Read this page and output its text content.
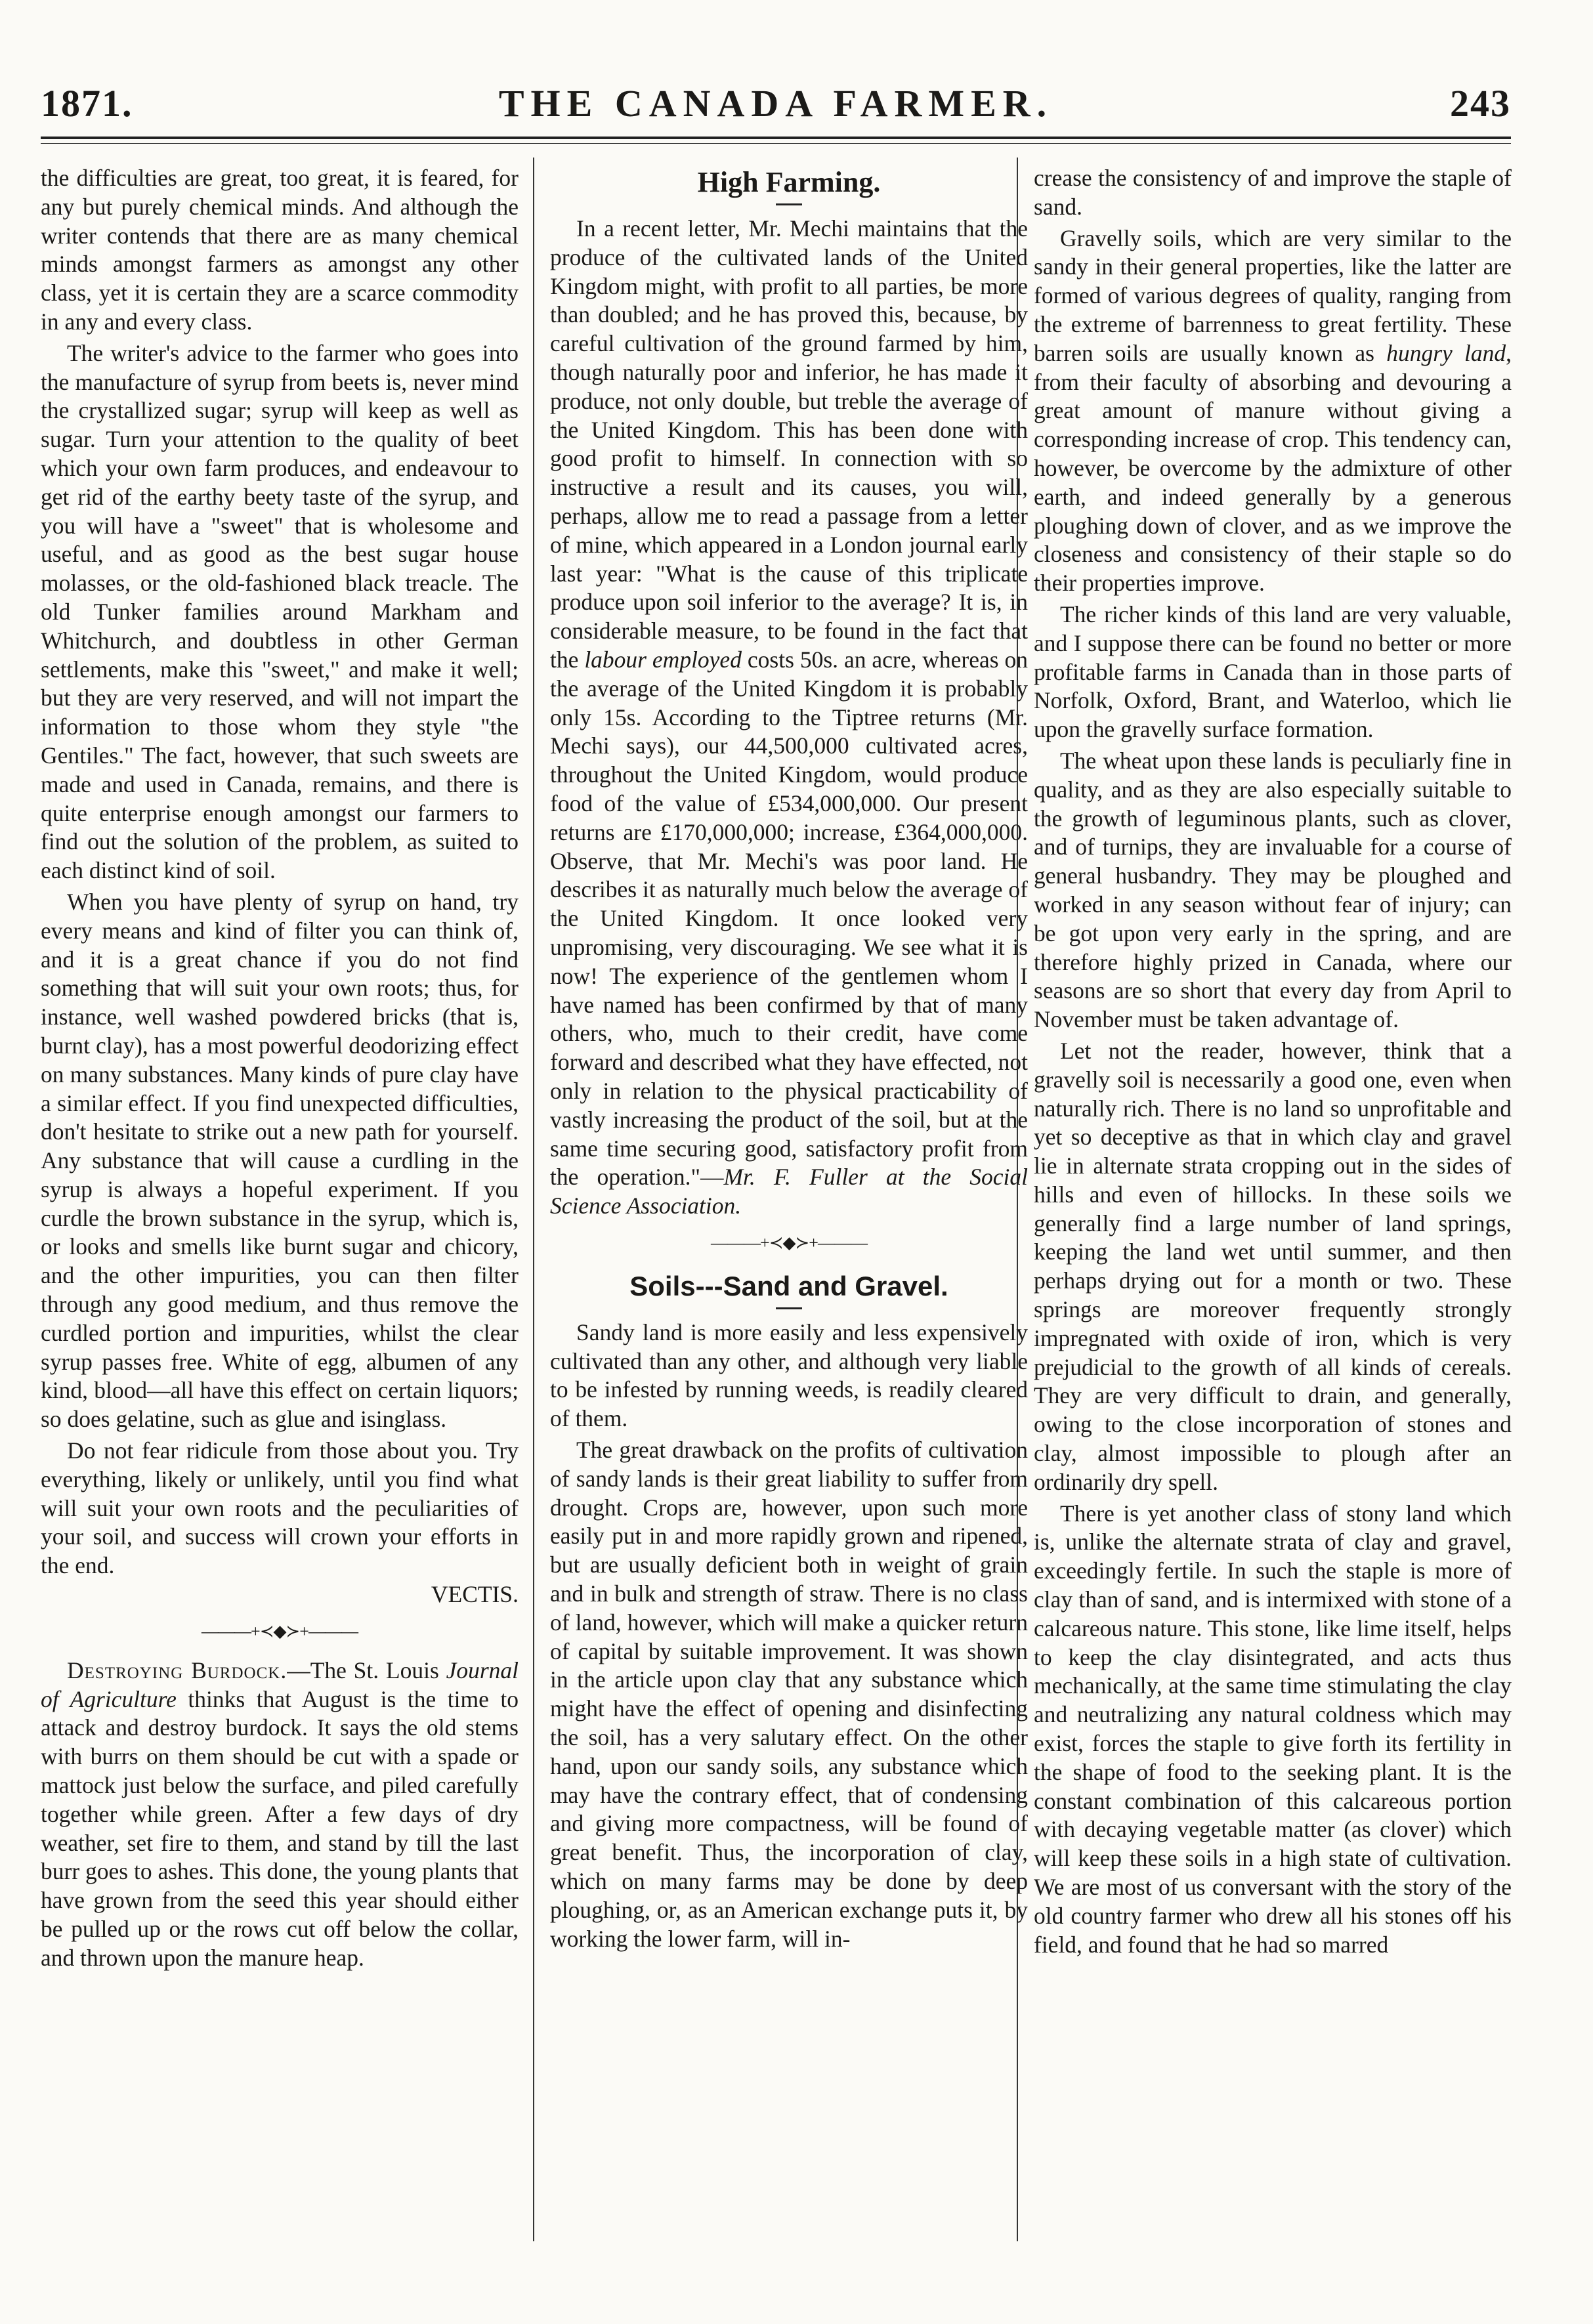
1871.	THE CANADA FARMER.	243

the difficulties are great, too great, it is feared, for any but purely chemical minds. And although the writer contends that there are as many chemical minds amongst farmers as amongst any other class, yet it is certain they are a scarce commodity in any and every class.

The writer's advice to the farmer who goes into the manufacture of syrup from beets is, never mind the crystallized sugar; syrup will keep as well as sugar. Turn your attention to the quality of beet which your own farm produces, and endeavour to get rid of the earthy beety taste of the syrup, and you will have a "sweet" that is wholesome and useful, and as good as the best sugar house molasses, or the old-fashioned black treacle. The old Tunker families around Markham and Whitchurch, and doubtless in other German settlements, make this "sweet," and make it well; but they are very reserved, and will not impart the information to those whom they style "the Gentiles." The fact, however, that such sweets are made and used in Canada, remains, and there is quite enterprise enough amongst our farmers to find out the solution of the problem, as suited to each distinct kind of soil.

When you have plenty of syrup on hand, try every means and kind of filter you can think of, and it is a great chance if you do not find something that will suit your own roots; thus, for instance, well washed powdered bricks (that is, burnt clay), has a most powerful deodorizing effect on many substances. Many kinds of pure clay have a similar effect. If you find unexpected difficulties, don't hesitate to strike out a new path for yourself. Any substance that will cause a curdling in the syrup is always a hopeful experiment. If you curdle the brown substance in the syrup, which is, or looks and smells like burnt sugar and chicory, and the other impurities, you can then filter through any good medium, and thus remove the curdled portion and impurities, whilst the clear syrup passes free. White of egg, albumen of any kind, blood—all have this effect on certain liquors; so does gelatine, such as glue and isinglass.

Do not fear ridicule from those about you. Try everything, likely or unlikely, until you find what will suit your own roots and the peculiarities of your soil, and success will crown your efforts in the end.

VECTIS.
———+≺◆≻+———

Destroying Burdock.—The St. Louis Journal of Agriculture thinks that August is the time to attack and destroy burdock. It says the old stems with burrs on them should be cut with a spade or mattock just below the surface, and piled carefully together while green. After a few days of dry weather, set fire to them, and stand by till the last burr goes to ashes. This done, the young plants that have grown from the seed this year should either be pulled up or the rows cut off below the collar, and thrown upon the manure heap.

High Farming.

In a recent letter, Mr. Mechi maintains that the produce of the cultivated lands of the United Kingdom might, with profit to all parties, be more than doubled; and he has proved this, because, by careful cultivation of the ground farmed by him, though naturally poor and inferior, he has made it produce, not only double, but treble the average of the United Kingdom. This has been done with good profit to himself. In connection with so instructive a result and its causes, you will, perhaps, allow me to read a passage from a letter of mine, which appeared in a London journal early last year: "What is the cause of this triplicate produce upon soil inferior to the average? It is, in considerable measure, to be found in the fact that the labour employed costs 50s. an acre, whereas on the average of the United Kingdom it is probably only 15s. According to the Tiptree returns (Mr. Mechi says), our 44,500,000 cultivated acres, throughout the United Kingdom, would produce food of the value of £534,000,000. Our present returns are £170,000,000; increase, £364,000,000. Observe, that Mr. Mechi's was poor land. He describes it as naturally much below the average of the United Kingdom. It once looked very unpromising, very discouraging. We see what it is now! The experience of the gentlemen whom I have named has been confirmed by that of many others, who, much to their credit, have come forward and described what they have effected, not only in relation to the physical practicability of vastly increasing the product of the soil, but at the same time securing good, satisfactory profit from the operation."—Mr. F. Fuller at the Social Science Association.

———+≺◆≻+———
Soils---Sand and Gravel.

Sandy land is more easily and less expensively cultivated than any other, and although very liable to be infested by running weeds, is readily cleared of them.

The great drawback on the profits of cultivation of sandy lands is their great liability to suffer from drought. Crops are, however, upon such more easily put in and more rapidly grown and ripened, but are usually deficient both in weight of grain and in bulk and strength of straw. There is no class of land, however, which will make a quicker return of capital by suitable improvement. It was shown in the article upon clay that any substance which might have the effect of opening and disinfecting the soil, has a very salutary effect. On the other hand, upon our sandy soils, any substance which may have the contrary effect, that of condensing and giving more compactness, will be found of great benefit. Thus, the incorporation of clay, which on many farms may be done by deep ploughing, or, as an American exchange puts it, by working the lower farm, will in-

crease the consistency of and improve the staple of sand.

Gravelly soils, which are very similar to the sandy in their general properties, like the latter are formed of various degrees of quality, ranging from the extreme of barrenness to great fertility. These barren soils are usually known as hungry land, from their faculty of absorbing and devouring a great amount of manure without giving a corresponding increase of crop. This tendency can, however, be overcome by the admixture of other earth, and indeed generally by a generous ploughing down of clover, and as we improve the closeness and consistency of their staple so do their properties improve.

The richer kinds of this land are very valuable, and I suppose there can be found no better or more profitable farms in Canada than in those parts of Norfolk, Oxford, Brant, and Waterloo, which lie upon the gravelly surface formation.

The wheat upon these lands is peculiarly fine in quality, and as they are also especially suitable to the growth of leguminous plants, such as clover, and of turnips, they are invaluable for a course of general husbandry. They may be ploughed and worked in any season without fear of injury; can be got upon very early in the spring, and are therefore highly prized in Canada, where our seasons are so short that every day from April to November must be taken advantage of.

Let not the reader, however, think that a gravelly soil is necessarily a good one, even when naturally rich. There is no land so unprofitable and yet so deceptive as that in which clay and gravel lie in alternate strata cropping out in the sides of hills and even of hillocks. In these soils we generally find a large number of land springs, keeping the land wet until summer, and then perhaps drying out for a month or two. These springs are moreover frequently strongly impregnated with oxide of iron, which is very prejudicial to the growth of all kinds of cereals. They are very difficult to drain, and generally, owing to the close incorporation of stones and clay, almost impossible to plough after an ordinarily dry spell.

There is yet another class of stony land which is, unlike the alternate strata of clay and gravel, exceedingly fertile. In such the staple is more of clay than of sand, and is intermixed with stone of a calcareous nature. This stone, like lime itself, helps to keep the clay disintegrated, and acts thus mechanically, at the same time stimulating the clay and neutralizing any natural coldness which may exist, forces the staple to give forth its fertility in the shape of food to the seeking plant. It is the constant combination of this calcareous portion with decaying vegetable matter (as clover) which will keep these soils in a high state of cultivation. We are most of us conversant with the story of the old country farmer who drew all his stones off his field, and found that he had so marred
